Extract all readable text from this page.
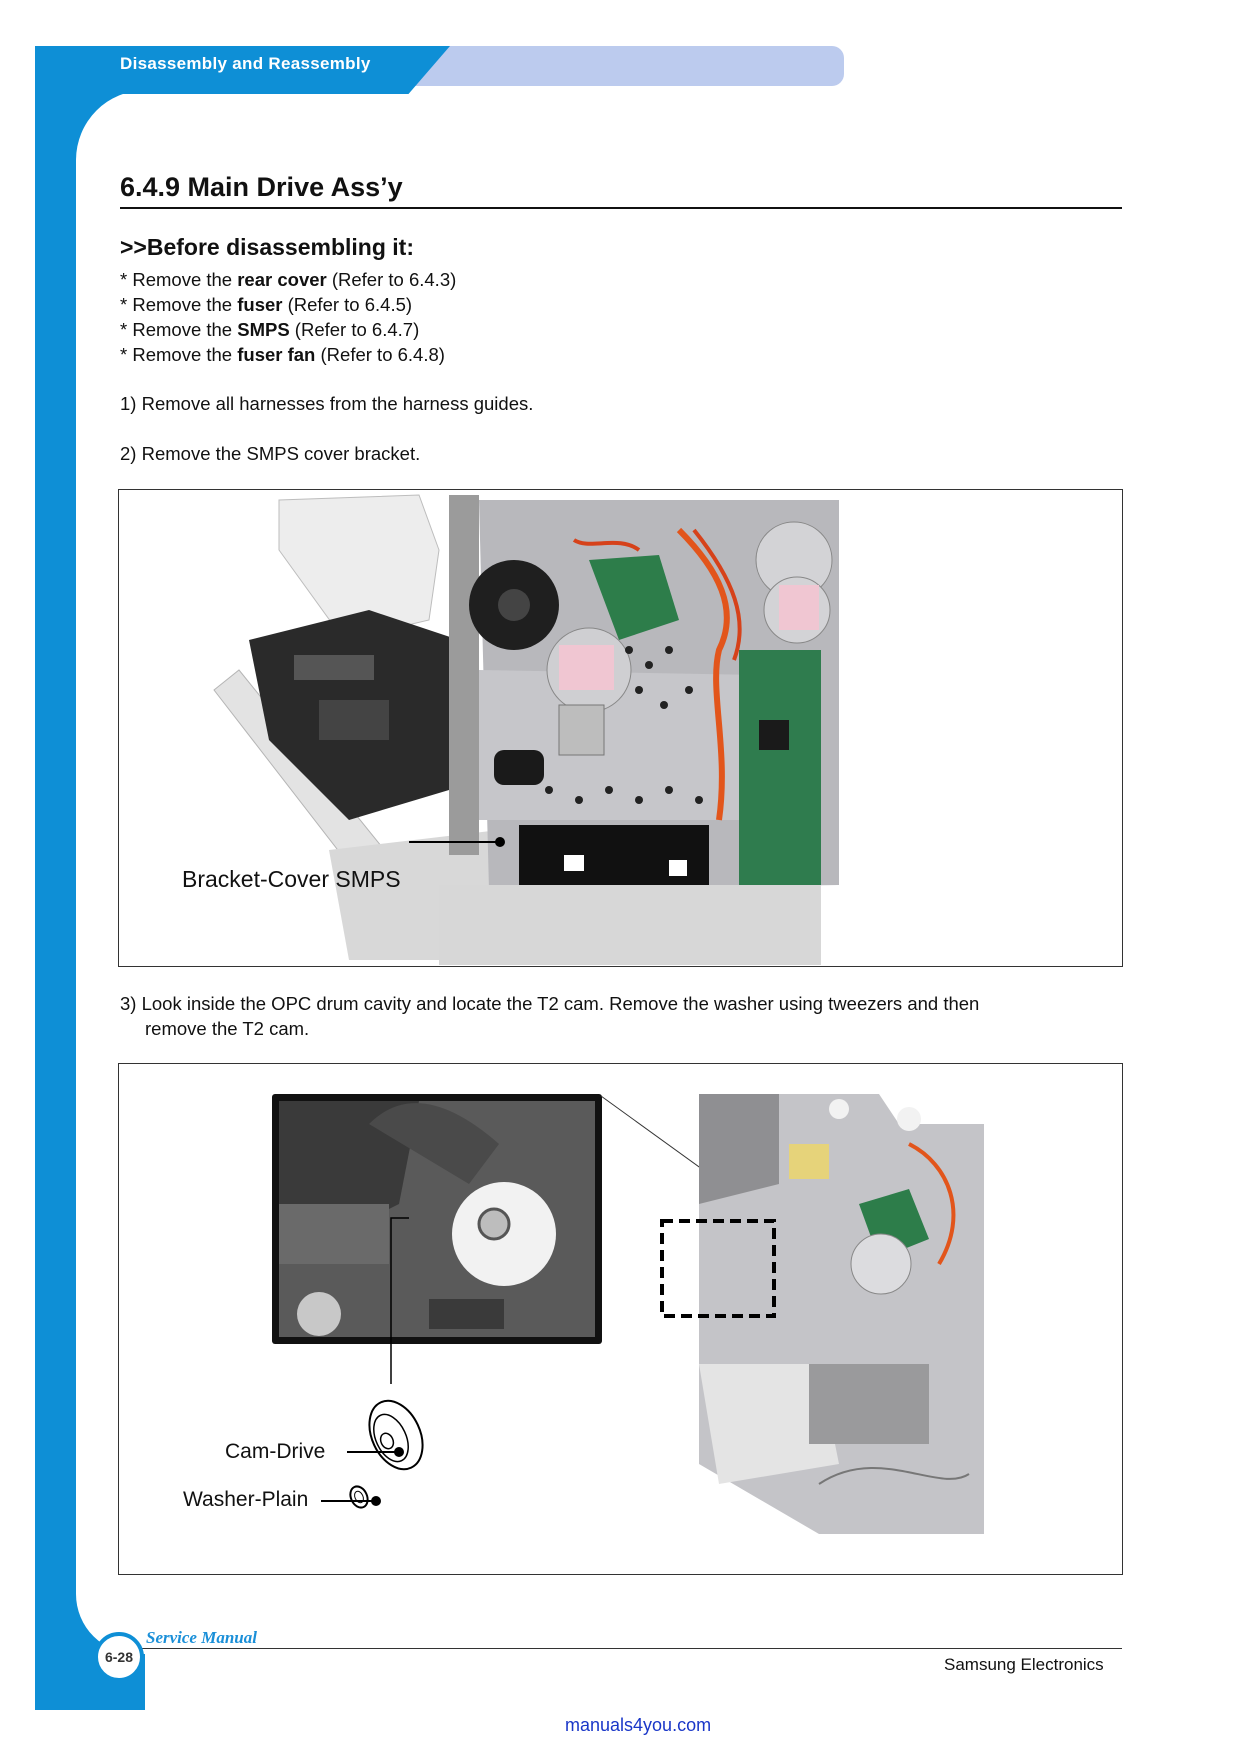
Disassembly and Reassembly
6.4.9 Main Drive Ass’y
>>Before disassembling it:
* Remove the rear cover (Refer to 6.4.3)
* Remove the fuser (Refer to 6.4.5)
* Remove the SMPS (Refer to 6.4.7)
* Remove the fuser fan (Refer to 6.4.8)
1) Remove all harnesses from the harness guides.
2) Remove the SMPS cover bracket.
Bracket-Cover SMPS
3) Look inside the OPC drum cavity and locate the T2 cam. Remove the washer using tweezers and then
remove the T2 cam.
Cam-Drive
Washer-Plain
Service Manual
6-28	Samsung Electronics
manuals4you.com
